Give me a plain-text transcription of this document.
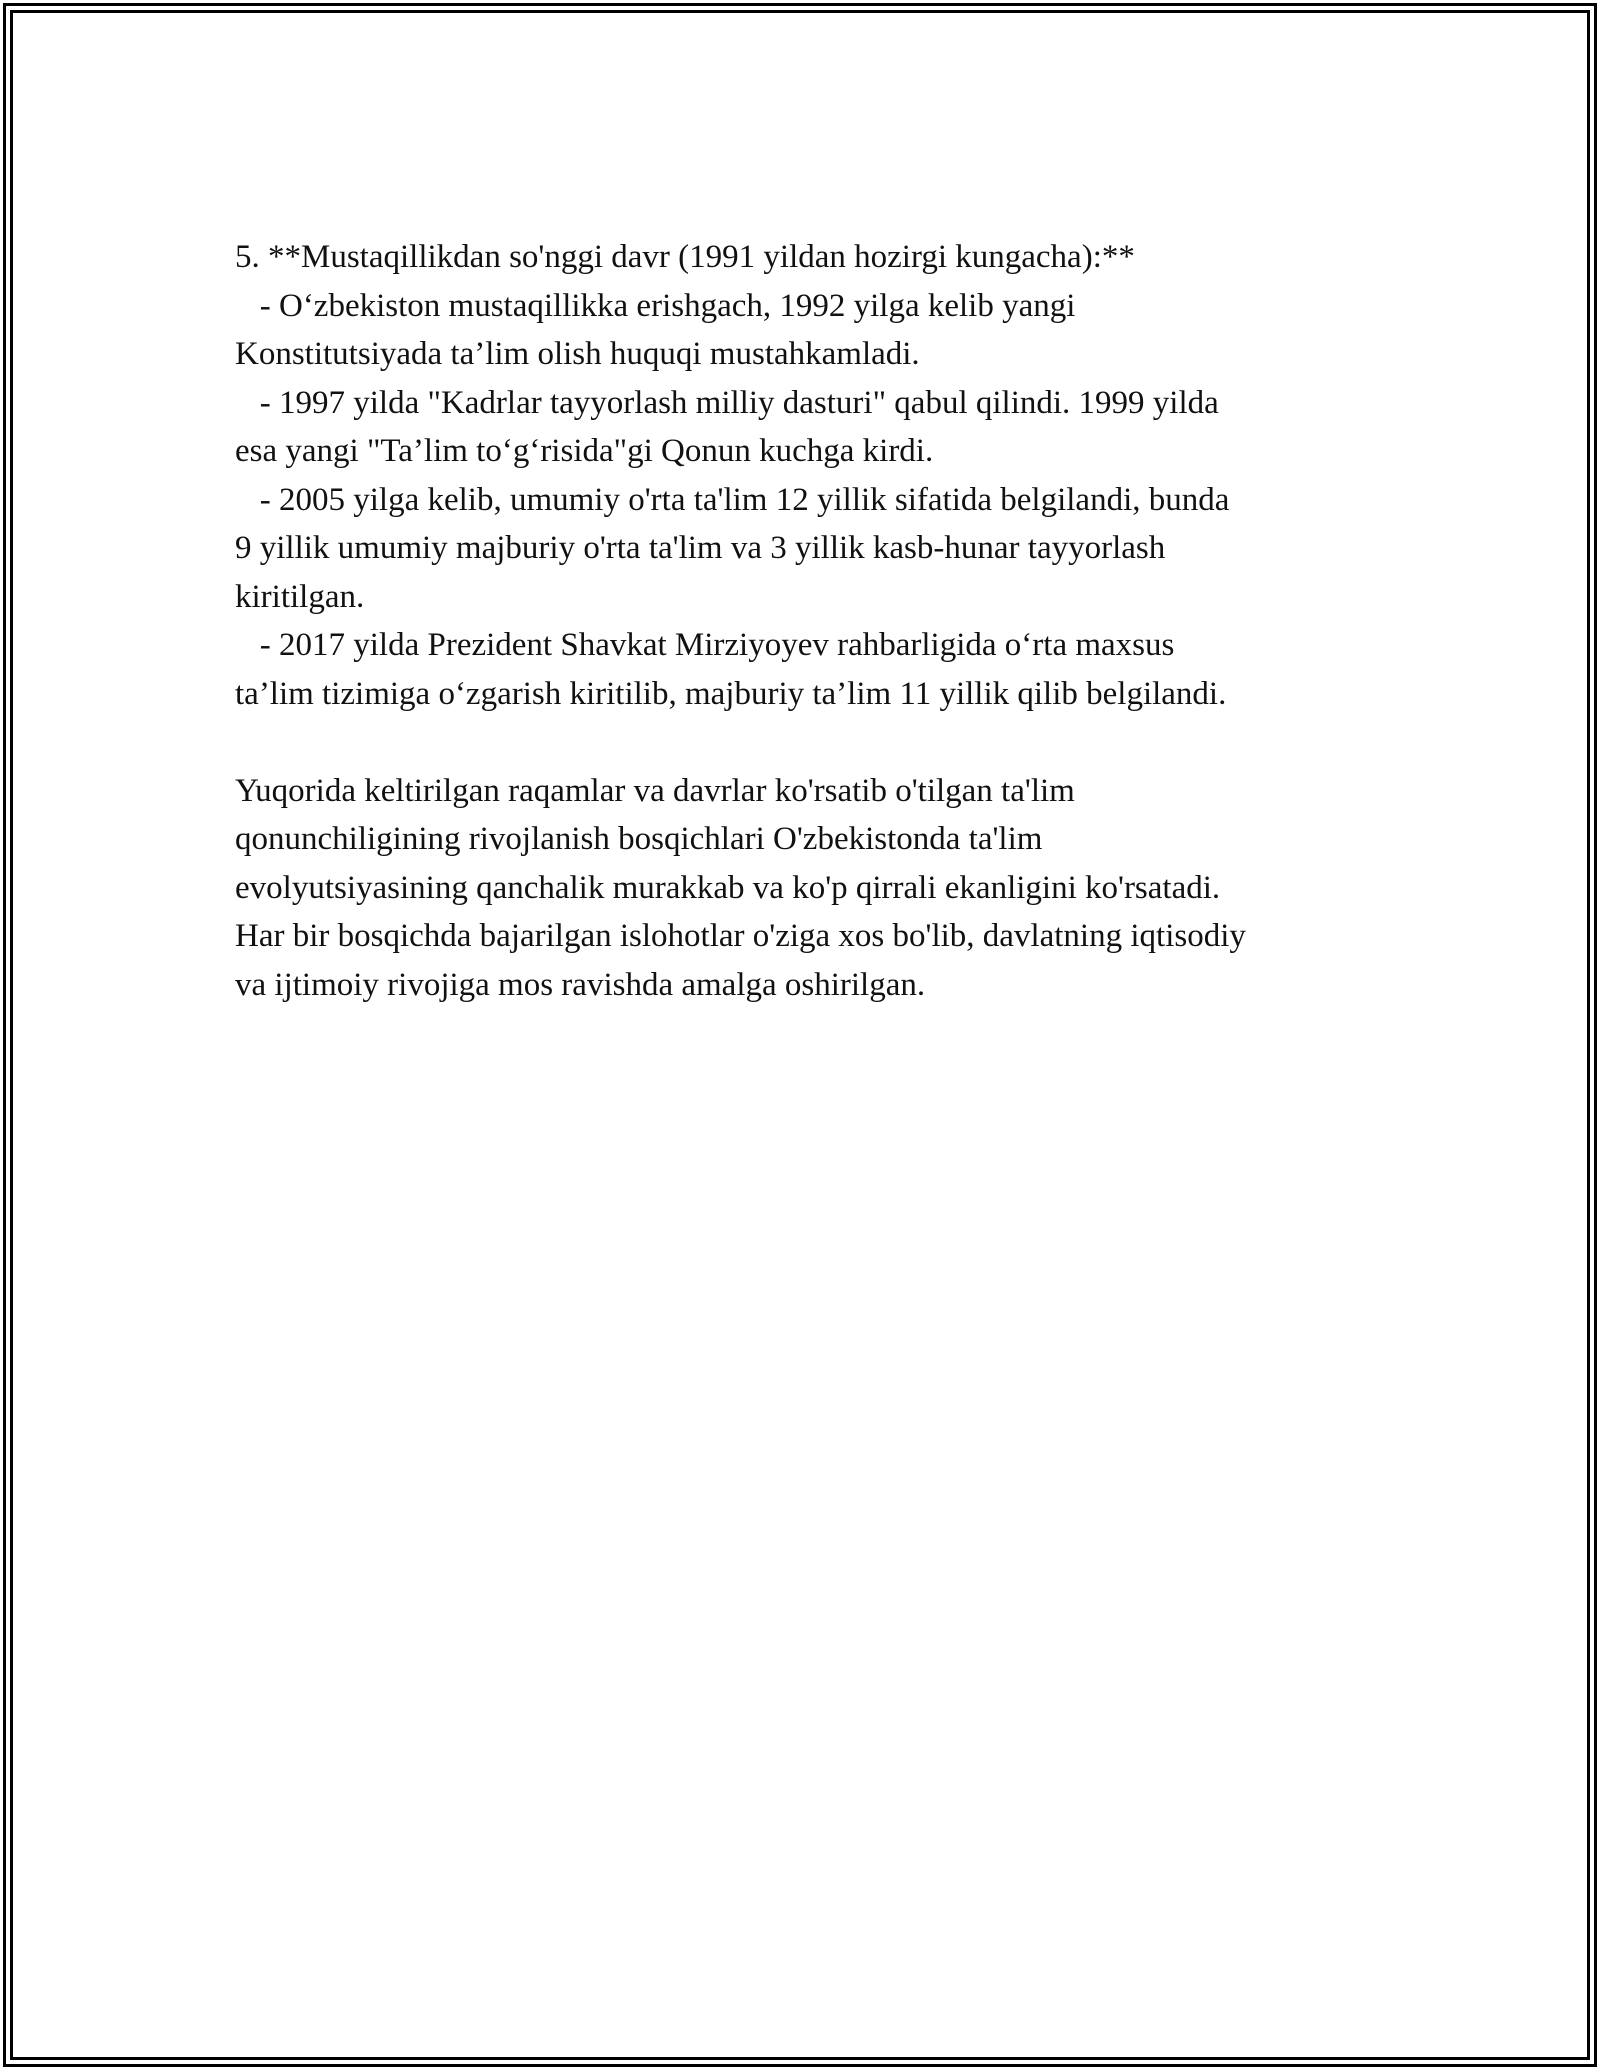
5. **Mustaqillikdan so'nggi davr (1991 yildan hozirgi kungacha):**
- O‘zbekiston mustaqillikka erishgach, 1992 yilga kelib yangi
Konstitutsiyada ta’lim olish huquqi mustahkamladi.
- 1997 yilda "Kadrlar tayyorlash milliy dasturi" qabul qilindi. 1999 yilda
esa yangi "Ta’lim to‘g‘risida"gi Qonun kuchga kirdi.
- 2005 yilga kelib, umumiy o'rta ta'lim 12 yillik sifatida belgilandi, bunda
9 yillik umumiy majburiy o'rta ta'lim va 3 yillik kasb-hunar tayyorlash
kiritilgan.
- 2017 yilda Prezident Shavkat Mirziyoyev rahbarligida o‘rta maxsus
ta’lim tizimiga o‘zgarish kiritilib, majburiy ta’lim 11 yillik qilib belgilandi.
Yuqorida keltirilgan raqamlar va davrlar ko'rsatib o'tilgan ta'lim
qonunchiligining rivojlanish bosqichlari O'zbekistonda ta'lim
evolyutsiyasining qanchalik murakkab va ko'p qirrali ekanligini ko'rsatadi.
Har bir bosqichda bajarilgan islohotlar o'ziga xos bo'lib, davlatning iqtisodiy
va ijtimoiy rivojiga mos ravishda amalga oshirilgan.
